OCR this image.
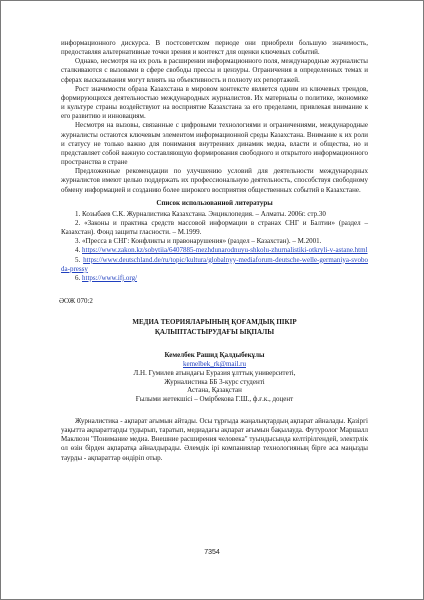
информационного дискурса. В постсоветском периоде они приобрели большую значимость, предоставляя альтернативные точки зрения и контекст для оценки ключевых событий.

Однако, несмотря на их роль в расширении информационного поля, международные журналисты сталкиваются с вызовами в сфере свободы прессы и цензуры. Ограничения в определенных темах и сферах высказывания могут влиять на объективность и полноту их репортажей.

Рост значимости образа Казахстана в мировом контексте является одним из ключевых трендов, формирующихся деятельностью международных журналистов. Их материалы о политике, экономике и культуре страны воздействуют на восприятие Казахстана за его пределами, привлекая внимание к его развитию и инновациям.

Несмотря на вызовы, связанные с цифровыми технологиями и ограничениями, международные журналисты остаются ключевым элементом информационной среды Казахстана. Внимание к их роли и статусу не только важно для понимания внутренних динамик медиа, власти и общества, но и представляет собой важную составляющую формирования свободного и открытого информационного пространства в стране

Предложенные рекомендации по улучшению условий для деятельности международных журналистов имеют целью поддержать их профессиональную деятельность, способствуя свободному обмену информацией и созданию более широкого восприятия общественных событий в Казахстане.

Список использованной литературы

1. Козыбаев С.К. Журналистика Казахстана. Энциклопедия. – Алматы. 2006г. стр.30

2. «Законы и практика средств массовой информации в странах СНГ и Балтии» (раздел – Казахстан). Фонд защиты гласности. – М.1999.

3. «Пресса в СНГ: Конфликты и правонарушения» (раздел – Казахстан). – М.2001.

4. https://www.zakon.kz/sobytiia/6407885-mezhdunarodnuyu-shkolu-zhurnalistiki-otkryli-v-astane.html

5. https://www.deutschland.de/ru/topic/kultura/globalnyy-mediaforum-deutsche-welle-germaniya-svoboda-pressy

6. https://www.ifj.org/

ӘОЖ 070:2
МЕДИА ТЕОРИЯЛАРЫНЫҢ ҚОҒАМДЫҚ ПІКІР
ҚАЛЫПТАСТЫРУДАҒЫ ЫҚПАЛЫ
Кемелбек Рашид Қалдыбекұлы
kemelbek_rk@mail.ru
Л.Н. Гумилев атындағы Еуразия ұлттық университеті,
Журналистика ББ 3-курс студенті
Астана, Қазақстан
Ғылыми жетекшісі – Омірбекова Г.Ш., ф.ғ.к., доцент

Журналистика - ақпарат ағымын айтады. Осы тұрғыда жаңалықтардың ақпарат айналады. Қазіргі уақытта ақпараттарды тудырып, таратып, медиадағы ақпарат ағымын бақылауда. Футуролог Маршалл Маклюэн "Понимание медиа. Внешние расширения человека" туындысында келтірілгендей, электрлік ол өзін бірден ақпаратқа айналдырады. Әлемдік ірі компаниялар технологияның бірге аса маңызды таурды - ақпараттар өндіріп отыр.

7354
